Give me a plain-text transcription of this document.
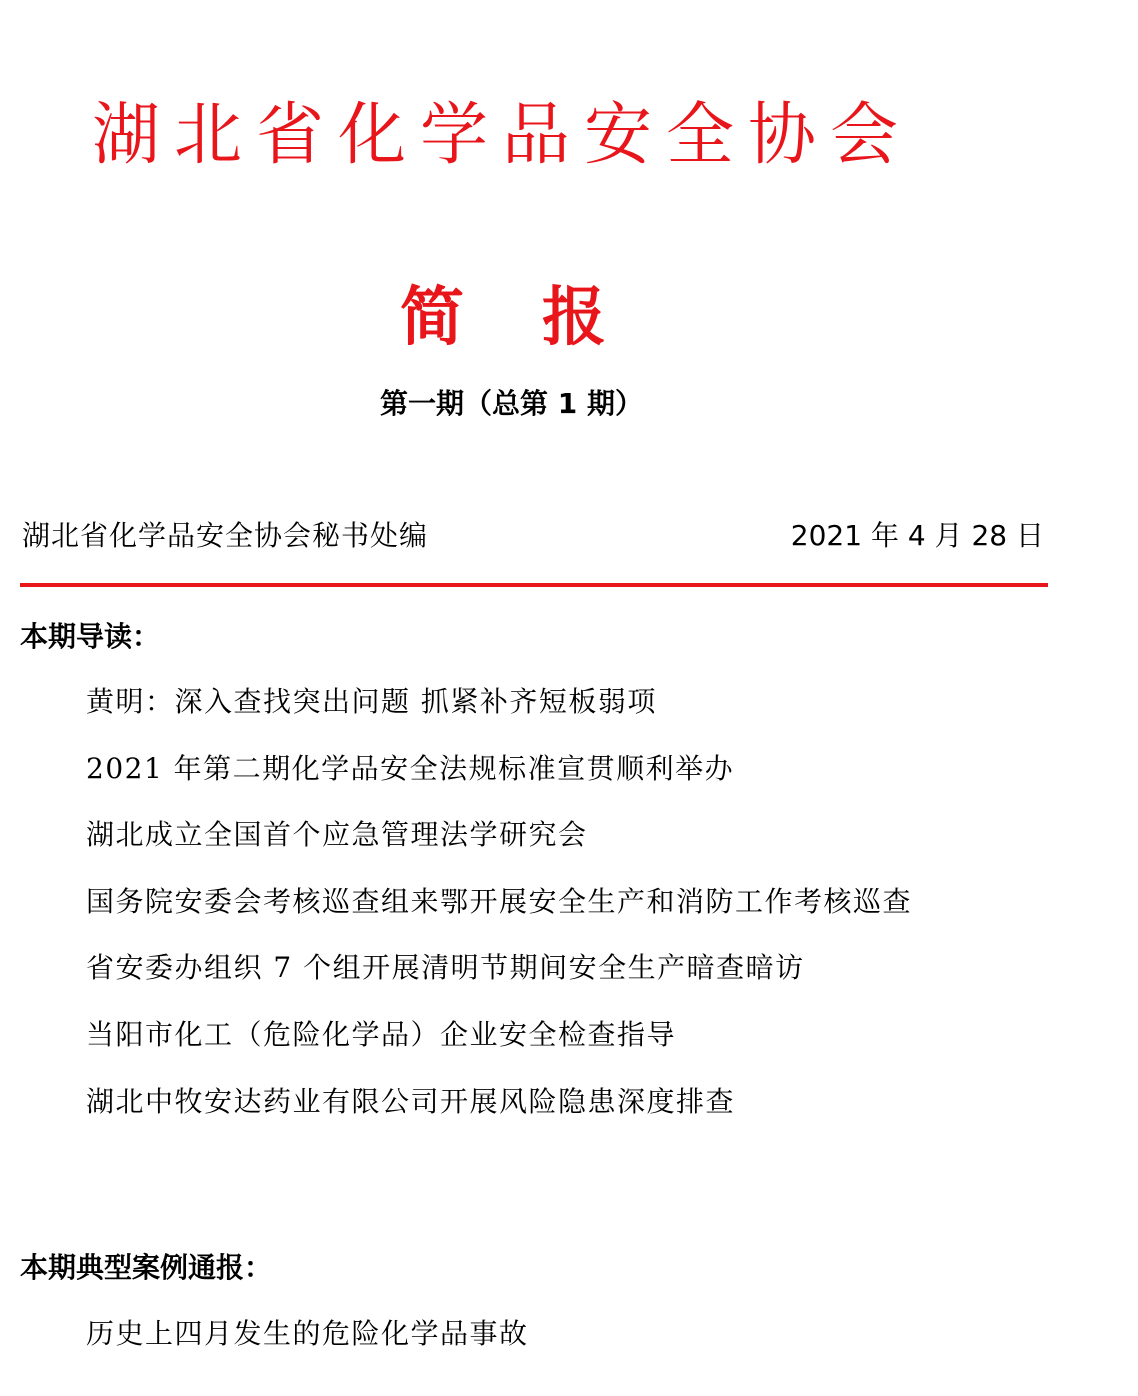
湖北省化学品安全协会
简 报
第一期（总第 1 期）
湖北省化学品安全协会秘书处编	2021 年 4 月 28 日
本期导读：
黄明：深入查找突出问题 抓紧补齐短板弱项
2021 年第二期化学品安全法规标准宣贯顺利举办
湖北成立全国首个应急管理法学研究会
国务院安委会考核巡查组来鄂开展安全生产和消防工作考核巡查
省安委办组织 7 个组开展清明节期间安全生产暗查暗访
当阳市化工（危险化学品）企业安全检查指导
湖北中牧安达药业有限公司开展风险隐患深度排查
本期典型案例通报：
历史上四月发生的危险化学品事故
